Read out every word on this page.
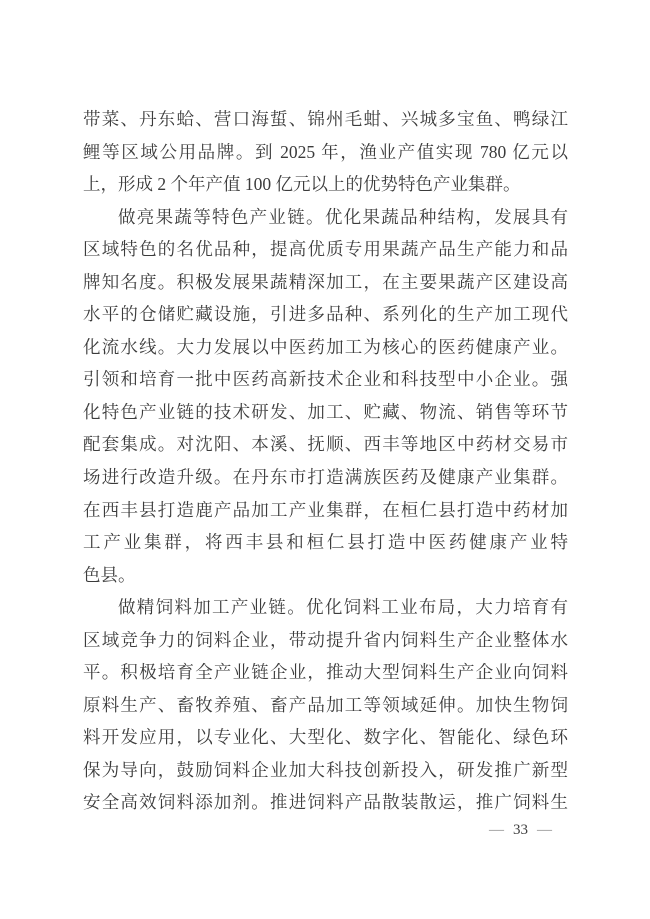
带菜、丹东蛤、营口海蜇、锦州毛蚶、兴城多宝鱼、鸭绿江
鲤等区域公用品牌。到 2025 年，渔业产值实现 780 亿元以
上，形成 2 个年产值 100 亿元以上的优势特色产业集群。
做亮果蔬等特色产业链。优化果蔬品种结构，发展具有
区域特色的名优品种，提高优质专用果蔬产品生产能力和品
牌知名度。积极发展果蔬精深加工，在主要果蔬产区建设高
水平的仓储贮藏设施，引进多品种、系列化的生产加工现代
化流水线。大力发展以中医药加工为核心的医药健康产业。
引领和培育一批中医药高新技术企业和科技型中小企业。强
化特色产业链的技术研发、加工、贮藏、物流、销售等环节
配套集成。对沈阳、本溪、抚顺、西丰等地区中药材交易市
场进行改造升级。在丹东市打造满族医药及健康产业集群。
在西丰县打造鹿产品加工产业集群，在桓仁县打造中药材加
工产业集群，将西丰县和桓仁县打造中医药健康产业特
色县。
做精饲料加工产业链。优化饲料工业布局，大力培育有
区域竞争力的饲料企业，带动提升省内饲料生产企业整体水
平。积极培育全产业链企业，推动大型饲料生产企业向饲料
原料生产、畜牧养殖、畜产品加工等领域延伸。加快生物饲
料开发应用，以专业化、大型化、数字化、智能化、绿色环
保为导向，鼓励饲料企业加大科技创新投入，研发推广新型
安全高效饲料添加剂。推进饲料产品散装散运，推广饲料生
— 33 —
